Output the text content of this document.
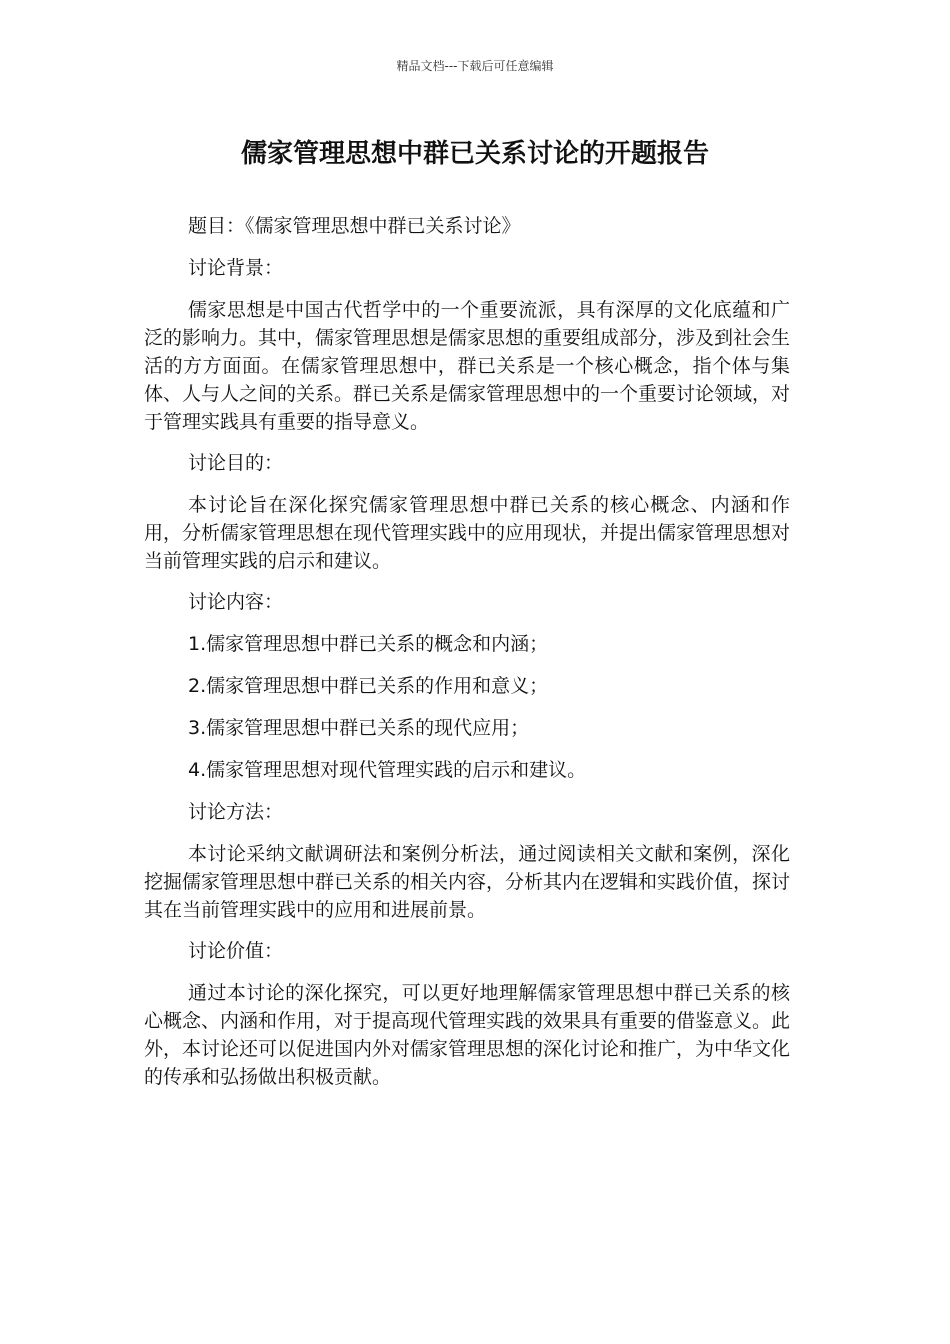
精品文档---下载后可任意编辑
儒家管理思想中群已关系讨论的开题报告

题目：《儒家管理思想中群已关系讨论》

讨论背景：

儒家思想是中国古代哲学中的一个重要流派，具有深厚的文化底蕴和广泛的影响力。其中，儒家管理思想是儒家思想的重要组成部分，涉及到社会生活的方方面面。在儒家管理思想中，群已关系是一个核心概念，指个体与集体、人与人之间的关系。群已关系是儒家管理思想中的一个重要讨论领域，对于管理实践具有重要的指导意义。

讨论目的：

本讨论旨在深化探究儒家管理思想中群已关系的核心概念、内涵和作用，分析儒家管理思想在现代管理实践中的应用现状，并提出儒家管理思想对当前管理实践的启示和建议。

讨论内容：

1.儒家管理思想中群已关系的概念和内涵；

2.儒家管理思想中群已关系的作用和意义；

3.儒家管理思想中群已关系的现代应用；

4.儒家管理思想对现代管理实践的启示和建议。

讨论方法：

本讨论采纳文献调研法和案例分析法，通过阅读相关文献和案例，深化挖掘儒家管理思想中群已关系的相关内容，分析其内在逻辑和实践价值，探讨其在当前管理实践中的应用和进展前景。

讨论价值：

通过本讨论的深化探究，可以更好地理解儒家管理思想中群已关系的核心概念、内涵和作用，对于提高现代管理实践的效果具有重要的借鉴意义。此外，本讨论还可以促进国内外对儒家管理思想的深化讨论和推广，为中华文化的传承和弘扬做出积极贡献。
